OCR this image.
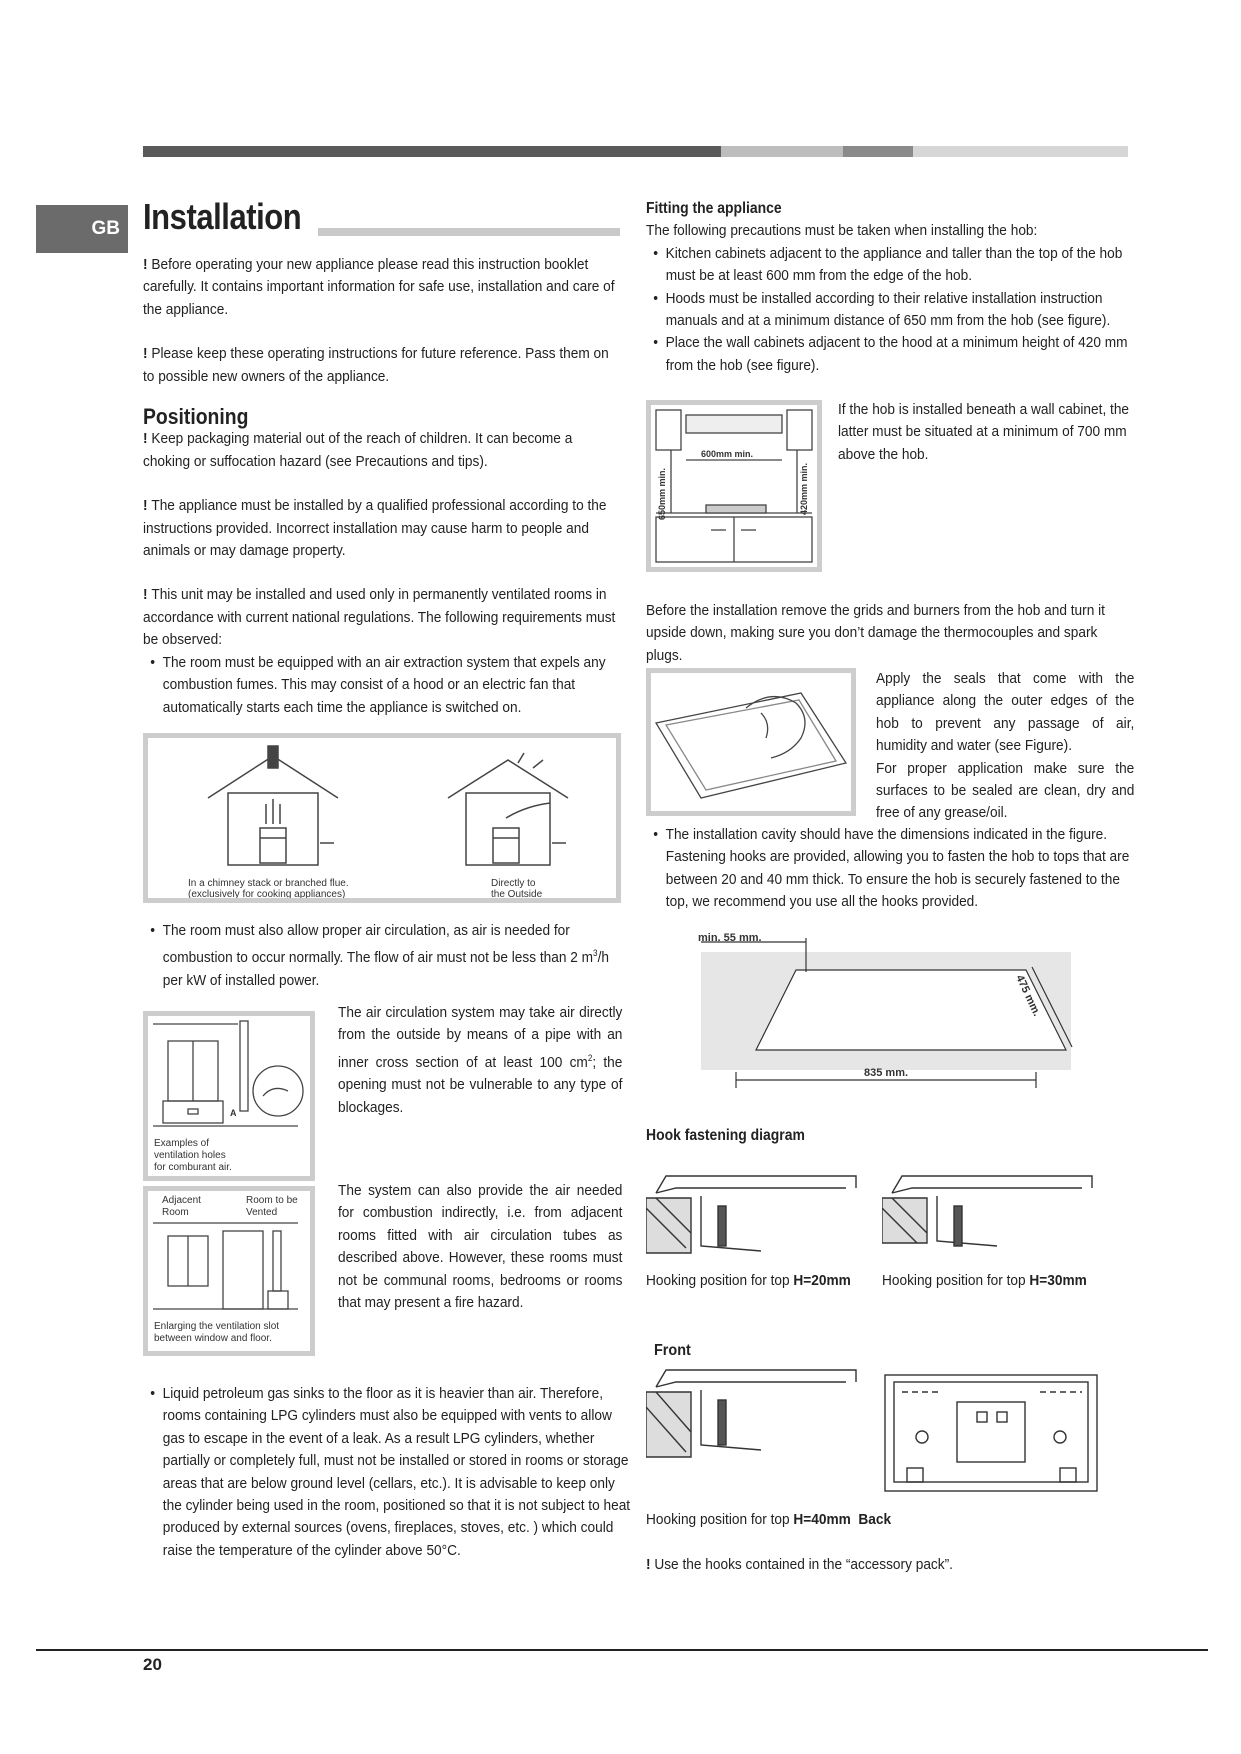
GB Installation

! Before operating your new appliance please read this instruction booklet carefully. It contains important information for safe use, installation and care of the appliance.

! Please keep these operating instructions for future reference. Pass them on to possible new owners of the appliance.

Positioning

! Keep packaging material out of the reach of children. It can become a choking or suffocation hazard (see Precautions and tips).

! The appliance must be installed by a qualified professional according to the instructions provided. Incorrect installation may cause harm to people and animals or may damage property.

! This unit may be installed and used only in permanently ventilated rooms in accordance with current national regulations. The following requirements must be observed:

•  The room must be equipped with an air extraction system that expels any combustion fumes. This may consist of a hood or an electric fan that automatically starts each time the appliance is switched on.

In a chimney stack or branched flue.
(exclusively for cooking appliances)
Directly to
the Outside

•  The room must also allow proper air circulation, as air is needed for combustion to occur normally. The flow of air must not be less than 2 $m^3/h$ per kW of installed power.

A
Examples of
ventilation holes
for comburant air.

The air circulation system may take air directly from the outside by means of a pipe with an inner cross section of at least 100 $cm^2$; the opening must not be vulnerable to any type of blockages.

Adjacent
Room
Room to be
Vented
Enlarging the ventilation slot
between window and floor.

The system can also provide the air needed for combustion indirectly, i.e. from adjacent rooms fitted with air circulation tubes as described above. However, these rooms must not be communal rooms, bedrooms or rooms that may present a fire hazard.

•  Liquid petroleum gas sinks to the floor as it is heavier than air. Therefore, rooms containing LPG cylinders must also be equipped with vents to allow gas to escape in the event of a leak. As a result LPG cylinders, whether partially or completely full, must not be installed or stored in rooms or storage areas that are below ground level (cellars, etc.). It is advisable to keep only the cylinder being used in the room, positioned so that it is not subject to heat produced by external sources (ovens, fireplaces, stoves, etc. ) which could raise the temperature of the cylinder above 50°C.

Fitting the appliance

The following precautions must be taken when installing the hob:

•  Kitchen cabinets adjacent to the appliance and taller than the top of the hob must be at least 600 mm from the edge of the hob.

•  Hoods must be installed according to their relative installation instruction manuals and at a minimum distance of 650 mm from the hob (see figure).

•  Place the wall cabinets adjacent to the hood at a minimum height of 420 mm from the hob (see figure).

600mm min.
650mm min.	420mm min.

If the hob is installed beneath a wall cabinet, the latter must be situated at a minimum of 700 mm above the hob.

Before the installation remove the grids and burners from the hob and turn it upside down, making sure you don’t damage the thermocouples and spark plugs.

Apply the seals that come with the appliance along the outer edges of the hob to prevent any passage of air, humidity and water (see Figure).

For proper application make sure the surfaces to be sealed are clean, dry and free of any grease/oil.

•  The installation cavity should have the dimensions indicated in the figure. Fastening hooks are provided, allowing you to fasten the hob to tops that are between 20 and 40 mm thick. To ensure the hob is securely fastened to the top, we recommend you use all the hooks provided.

min. 55 mm.
475 mm.
835 mm.
Hook fastening diagram
Hooking position for top H=20mm Hooking position for top H=30mm
Front
Hooking position for top H=40mm Back
! Use the hooks contained in the “accessory pack”.
20
